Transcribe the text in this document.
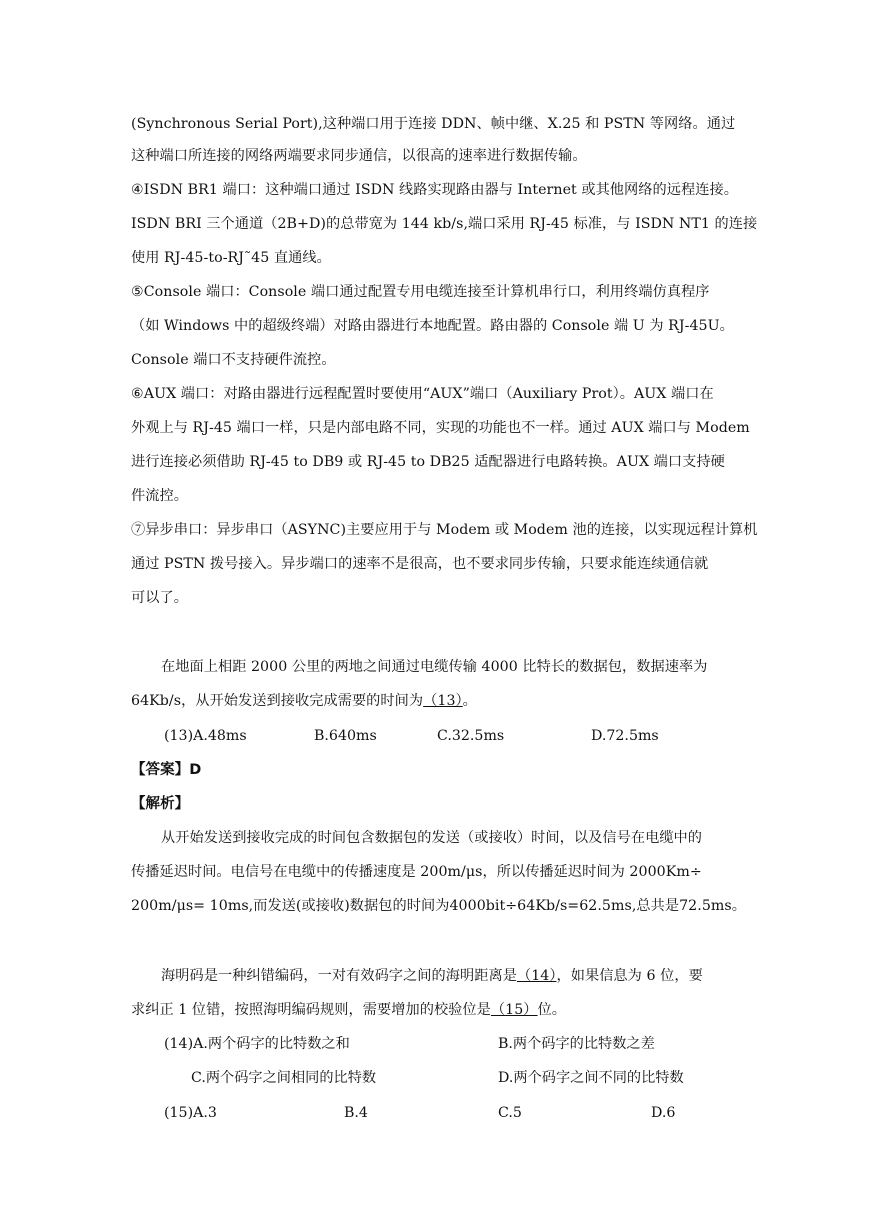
(Synchronous Serial Port),这种端口用于连接 DDN、帧中继、X.25 和 PSTN 等网络。通过
这种端口所连接的网络两端要求同步通信，以很高的速率进行数据传输。
④ISDN BR1 端口：这种端口通过 ISDN 线路实现路由器与 Internet 或其他网络的远程连接。
ISDN BRI 三个通道（2B+D)的总带宽为 144 kb/s,端口采用 RJ-45 标准，与 ISDN NT1 的连接
使用 RJ-45-to-RJ˜45 直通线。
⑤Console 端口：Console 端口通过配置专用电缆连接至计算机串行口，利用终端仿真程序
（如 Windows 中的超级终端）对路由器进行本地配置。路由器的 Console 端 U 为 RJ-45U。
Console 端口不支持硬件流控。
⑥AUX 端口：对路由器进行远程配置时要使用“AUX”端口（Auxiliary Prot）。AUX 端口在
外观上与 RJ-45 端口一样，只是内部电路不同，实现的功能也不一样。通过 AUX 端口与 Modem
进行连接必须借助 RJ-45 to DB9 或 RJ-45 to DB25 适配器进行电路转换。AUX 端口支持硬
件流控。
⑦异步串口：异步串口（ASYNC)主要应用于与 Modem 或 Modem 池的连接，以实现远程计算机
通过 PSTN 拨号接入。异步端口的速率不是很高，也不要求同步传输，只要求能连续通信就
可以了。
在地面上相距 2000 公里的两地之间通过电缆传输 4000 比特长的数据包，数据速率为
64Kb/s，从开始发送到接收完成需要的时间为（13）。
(13)A.48ms	B.640ms	C.32.5ms	D.72.5ms
【答案】D
【解析】
从开始发送到接收完成的时间包含数据包的发送（或接收）时间，以及信号在电缆中的
传播延迟时间。电信号在电缆中的传播速度是 200m/μs，所以传播延迟时间为 2000Km÷
200m/μs= 10ms,而发送(或接收)数据包的时间为4000bit÷64Kb/s=62.5ms,总共是72.5ms。
海明码是一种纠错编码，一对有效码字之间的海明距离是（14），如果信息为 6 位，要
求纠正 1 位错，按照海明编码规则，需要增加的校验位是（15）位。
(14)A.两个码字的比特数之和	B.两个码字的比特数之差
C.两个码字之间相同的比特数	D.两个码字之间不同的比特数
(15)A.3	B.4	C.5	D.6
